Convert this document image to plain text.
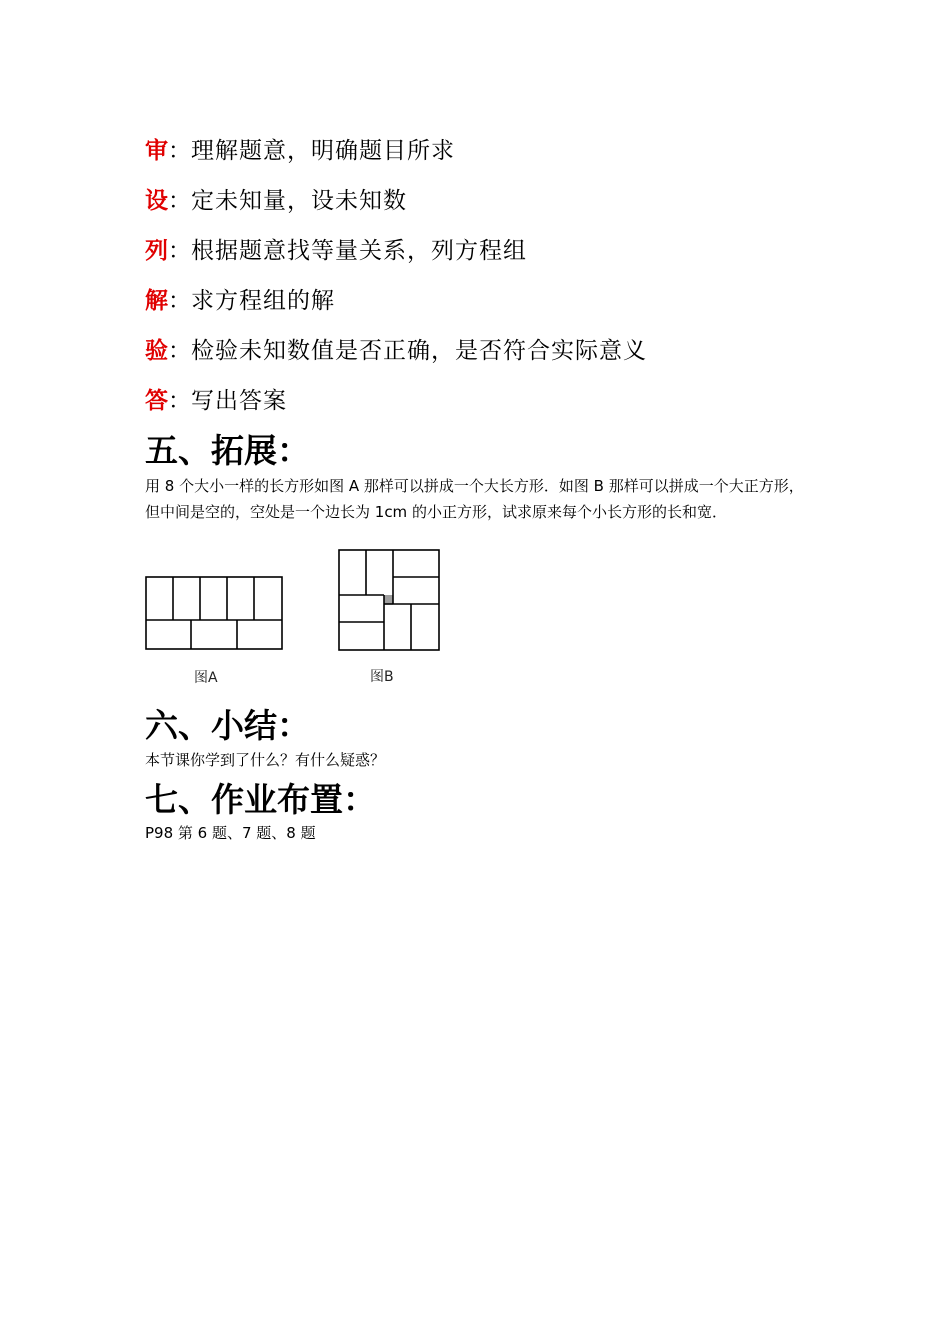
审：理解题意，明确题目所求
设：定未知量，设未知数
列：根据题意找等量关系，列方程组
解：求方程组的解
验：检验未知数值是否正确，是否符合实际意义
答：写出答案
五、拓展：

用 8 个大小一样的长方形如图 A 那样可以拼成一个大长方形．如图 B 那样可以拼成一个大正方形，但中间是空的，空处是一个边长为 1cm 的小正方形，试求原来每个小长方形的长和宽．

图A	图B
六、小结：

本节课你学到了什么？有什么疑惑？

七、作业布置：

P98 第 6 题、7 题、8 题
